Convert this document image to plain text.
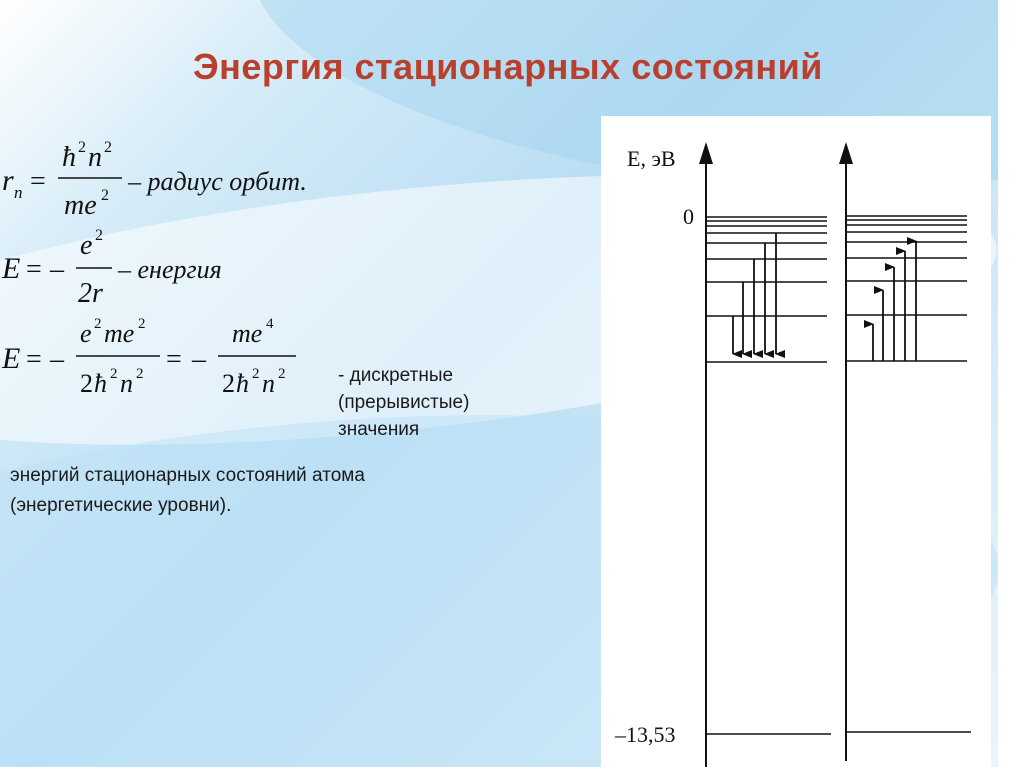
Энергия стационарных состояний
r n =
ħ 2 n 2
me 2 – радиус орбит.
E = –
e 2
2r
– енергия
E = –
e 2 me 2
2 ħ 2 n 2 = –
me 4
2 ħ 2 n 2	- дискретные
(прерывистые)
значения
энергий стационарных состояний атома
(энергетические уровни).
E, эВ
0
–13,53
